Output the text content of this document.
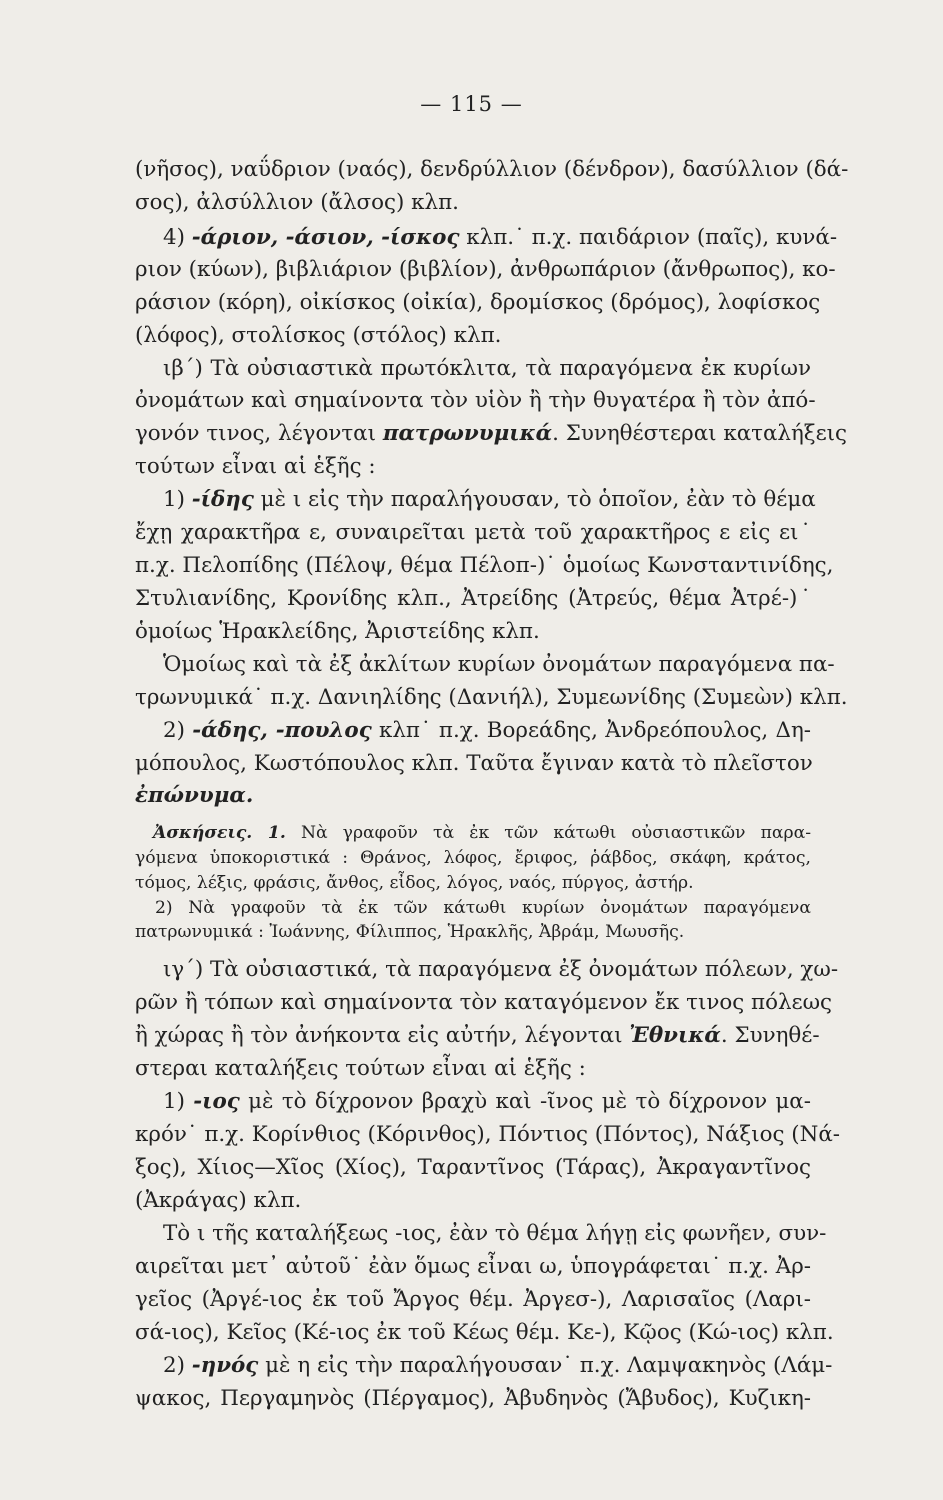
— 115 —
(νῆσος), ναΰδριον (ναός), δενδρύλλιον (δένδρον), δασύλλιον (δά-
σος), ἀλσύλλιον (ἄλσος) κλπ.
4) -άριον, -άσιον, -ίσκος κλπ.˙ π.χ. παιδάριον (παῖς), κυνά-
ριον (κύων), βιβλιάριον (βιβλίον), ἀνθρωπάριον (ἄνθρωπος), κο-
ράσιον (κόρη), οἰκίσκος (οἰκία), δρομίσκος (δρόμος), λοφίσκος
(λόφος), στολίσκος (στόλος) κλπ.
ιβ΄) Τὰ οὐσιαστικὰ πρωτόκλιτα, τὰ παραγόμενα ἐκ κυρίων
ὀνομάτων καὶ σημαίνοντα τὸν υἱὸν ἢ τὴν θυγατέρα ἢ τὸν ἀπό-
γονόν τινος, λέγονται πατρωνυμικά. Συνηθέστεραι καταλήξεις
τούτων εἶναι αἱ ἑξῆς :
1) -ίδης μὲ ι εἰς τὴν παραλήγουσαν, τὸ ὁποῖον, ἐὰν τὸ θέμα
ἔχῃ χαρακτῆρα ε, συναιρεῖται μετὰ τοῦ χαρακτῆρος ε εἰς ει˙
π.χ. Πελοπίδης (Πέλοψ, θέμα Πέλοπ-)˙ ὁμοίως Κωνσταντινίδης,
Στυλιανίδης, Κρονίδης κλπ., Ἀτρείδης (Ἀτρεύς, θέμα Ἀτρέ-)˙
ὁμοίως Ἡρακλείδης, Ἀριστείδης κλπ.
Ὁμοίως καὶ τὰ ἐξ ἀκλίτων κυρίων ὀνομάτων παραγόμενα πα-
τρωνυμικά˙ π.χ. Δανιηλίδης (Δανιήλ), Συμεωνίδης (Συμεὼν) κλπ.
2) -άδης, -πουλος κλπ˙ π.χ. Βορεάδης, Ἀνδρεόπουλος, Δη-
μόπουλος, Κωστόπουλος κλπ. Ταῦτα ἔγιναν κατὰ τὸ πλεῖστον
ἐπώνυμα.
Ἀσκήσεις. 1. Νὰ γραφοῦν τὰ ἐκ τῶν κάτωθι οὐσιαστικῶν παρα-
γόμενα ὑποκοριστικά : Θράνος, λόφος, ἔριφος, ῥάβδος, σκάφη, κράτος,
τόμος, λέξις, φράσις, ἄνθος, εἶδος, λόγος, ναός, πύργος, ἀστήρ.
2) Νὰ γραφοῦν τὰ ἐκ τῶν κάτωθι κυρίων ὀνομάτων παραγόμενα
πατρωνυμικά : Ἰωάννης, Φίλιππος, Ἡρακλῆς, Ἀβράμ, Μωυσῆς.
ιγ΄) Τὰ οὐσιαστικά, τὰ παραγόμενα ἐξ ὀνομάτων πόλεων, χω-
ρῶν ἢ τόπων καὶ σημαίνοντα τὸν καταγόμενον ἔκ τινος πόλεως
ἢ χώρας ἢ τὸν ἀνήκοντα εἰς αὐτήν, λέγονται Ἐθνικά. Συνηθέ-
στεραι καταλήξεις τούτων εἶναι αἱ ἑξῆς :
1) -ιος μὲ τὸ δίχρονον βραχὺ καὶ -ῖνος μὲ τὸ δίχρονον μα-
κρόν˙ π.χ. Κορίνθιος (Κόρινθος), Πόντιος (Πόντος), Νάξιος (Νά-
ξος), Χίιος—Χῖος (Χίος), Ταραντῖνος (Τάρας), Ἀκραγαντῖνος
(Ἀκράγας) κλπ.
Τὸ ι τῆς καταλήξεως -ιος, ἐὰν τὸ θέμα λήγῃ εἰς φωνῆεν, συν-
αιρεῖται μετ᾽ αὐτοῦ˙ ἐὰν ὅμως εἶναι ω, ὑπογράφεται˙ π.χ. Ἀρ-
γεῖος (Ἀργέ-ιος ἐκ τοῦ Ἄργος θέμ. Ἀργεσ-), Λαρισαῖος (Λαρι-
σά-ιος), Κεῖος (Κέ-ιος ἐκ τοῦ Κέως θέμ. Κε-), Κῷος (Κώ-ιος) κλπ.
2) -ηνός μὲ η εἰς τὴν παραλήγουσαν˙ π.χ. Λαμψακηνὸς (Λάμ-
ψακος, Περγαμηνὸς (Πέργαμος), Ἀβυδηνὸς (Ἄβυδος), Κυζικη-
